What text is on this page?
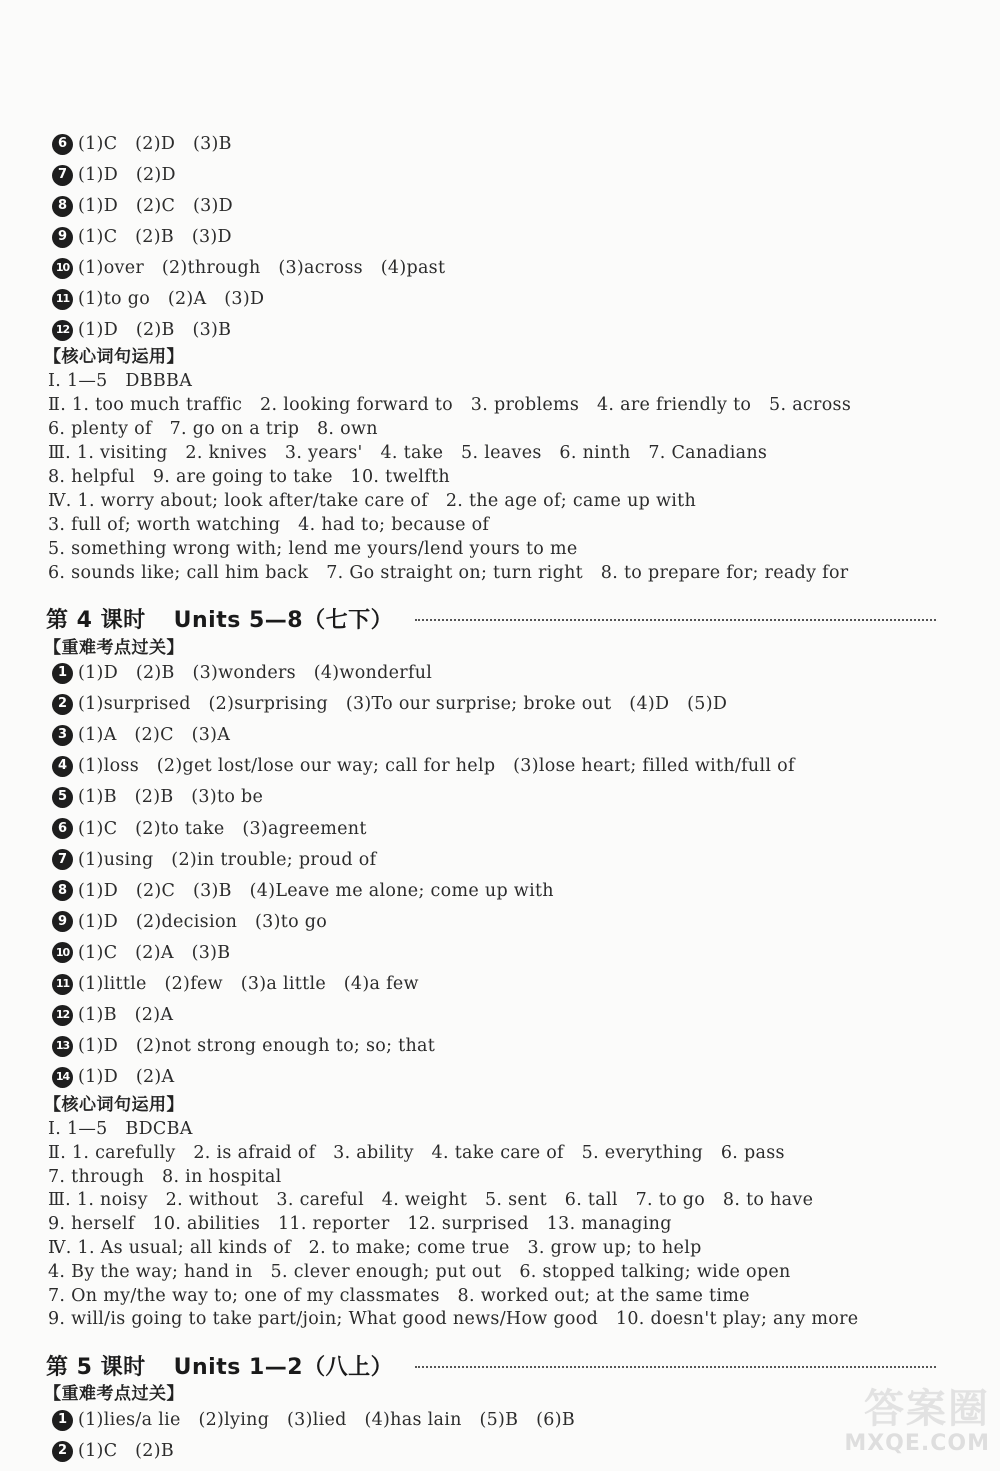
6 (1)C　(2)D　(3)B
7 (1)D　(2)D
8 (1)D　(2)C　(3)D
9 (1)C　(2)B　(3)D
10 (1)over　(2)through　(3)across　(4)past
11 (1)to go　(2)A　(3)D
12 (1)D　(2)B　(3)B
【核心词句运用】
Ⅰ. 1—5　DBBBA
Ⅱ. 1. too much traffic　2. looking forward to　3. problems　4. are friendly to　5. across
6. plenty of　7. go on a trip　8. own
Ⅲ. 1. visiting　2. knives　3. years'　4. take　5. leaves　6. ninth　7. Canadians
8. helpful　9. are going to take　10. twelfth
Ⅳ. 1. worry about; look after/take care of　2. the age of; came up with
3. full of; worth watching　4. had to; because of
5. something wrong with; lend me yours/lend yours to me
6. sounds like; call him back　7. Go straight on; turn right　8. to prepare for; ready for
第 4 课时 Units 5—8（七下）
【重难考点过关】
1 (1)D　(2)B　(3)wonders　(4)wonderful
2 (1)surprised　(2)surprising　(3)To our surprise; broke out　(4)D　(5)D
3 (1)A　(2)C　(3)A
4 (1)loss　(2)get lost/lose our way; call for help　(3)lose heart; filled with/full of
5 (1)B　(2)B　(3)to be
6 (1)C　(2)to take　(3)agreement
7 (1)using　(2)in trouble; proud of
8 (1)D　(2)C　(3)B　(4)Leave me alone; come up with
9 (1)D　(2)decision　(3)to go
10 (1)C　(2)A　(3)B
11 (1)little　(2)few　(3)a little　(4)a few
12 (1)B　(2)A
13 (1)D　(2)not strong enough to; so; that
14 (1)D　(2)A
【核心词句运用】
Ⅰ. 1—5　BDCBA
Ⅱ. 1. carefully　2. is afraid of　3. ability　4. take care of　5. everything　6. pass
7. through　8. in hospital
Ⅲ. 1. noisy　2. without　3. careful　4. weight　5. sent　6. tall　7. to go　8. to have
9. herself　10. abilities　11. reporter　12. surprised　13. managing
Ⅳ. 1. As usual; all kinds of　2. to make; come true　3. grow up; to help
4. By the way; hand in　5. clever enough; put out　6. stopped talking; wide open
7. On my/the way to; one of my classmates　8. worked out; at the same time
9. will/is going to take part/join; What good news/How good　10. doesn't play; any more
第 5 课时 Units 1—2（八上）
【重难考点过关】
1 (1)lies/a lie　(2)lying　(3)lied　(4)has lain　(5)B　(6)B
2 (1)C　(2)B
答案圈
MXQE.COM
